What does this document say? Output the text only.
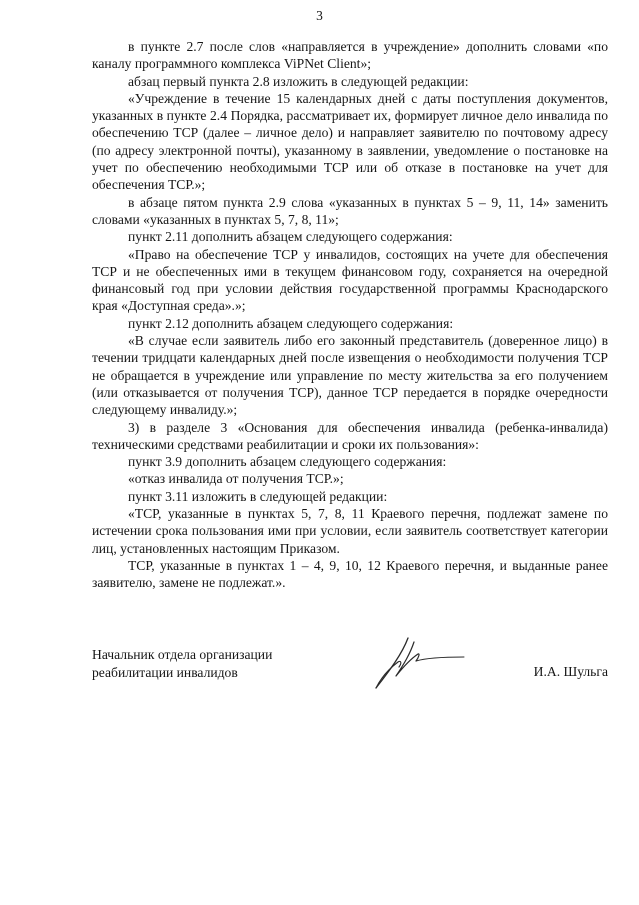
3

в пункте 2.7 после слов «направляется в учреждение» дополнить словами «по каналу программного комплекса ViPNet Client»;

абзац первый пункта 2.8 изложить в следующей редакции:

«Учреждение в течение 15 календарных дней с даты поступления документов, указанных в пункте 2.4 Порядка, рассматривает их, формирует личное дело инвалида по обеспечению ТСР (далее – личное дело) и направляет заявителю по почтовому адресу (по адресу электронной почты), указанному в заявлении, уведомление о постановке на учет по обеспечению необходимыми ТСР или об отказе в постановке на учет для обеспечения ТСР.»;

в абзаце пятом пункта 2.9 слова «указанных в пунктах 5 – 9, 11, 14» заменить словами «указанных в пунктах 5, 7, 8, 11»;

пункт 2.11 дополнить абзацем следующего содержания:

«Право на обеспечение ТСР у инвалидов, состоящих на учете для обеспечения ТСР и не обеспеченных ими в текущем финансовом году, сохраняется на очередной финансовый год при условии действия государственной программы Краснодарского края «Доступная среда».»;

пункт 2.12 дополнить абзацем следующего содержания:

«В случае если заявитель либо его законный представитель (доверенное лицо) в течении тридцати календарных дней после извещения о необходимости получения ТСР не обращается в учреждение или управление по месту жительства за его получением (или отказывается от получения ТСР), данное ТСР передается в порядке очередности следующему инвалиду.»;

3) в разделе 3 «Основания для обеспечения инвалида (ребенка-инвалида) техническими средствами реабилитации и сроки их пользования»:

пункт 3.9 дополнить абзацем следующего содержания:

«отказ инвалида от получения ТСР.»;

пункт 3.11 изложить в следующей редакции:

«ТСР, указанные в пунктах 5, 7, 8, 11 Краевого перечня, подлежат замене по истечении срока пользования ими при условии, если заявитель соответствует категории лиц, установленных настоящим Приказом.

ТСР, указанные в пунктах 1 – 4, 9, 10, 12 Краевого перечня, и выданные ранее заявителю, замене не подлежат.».

Начальник отдела организации
реабилитации инвалидов	И.А. Шульга
